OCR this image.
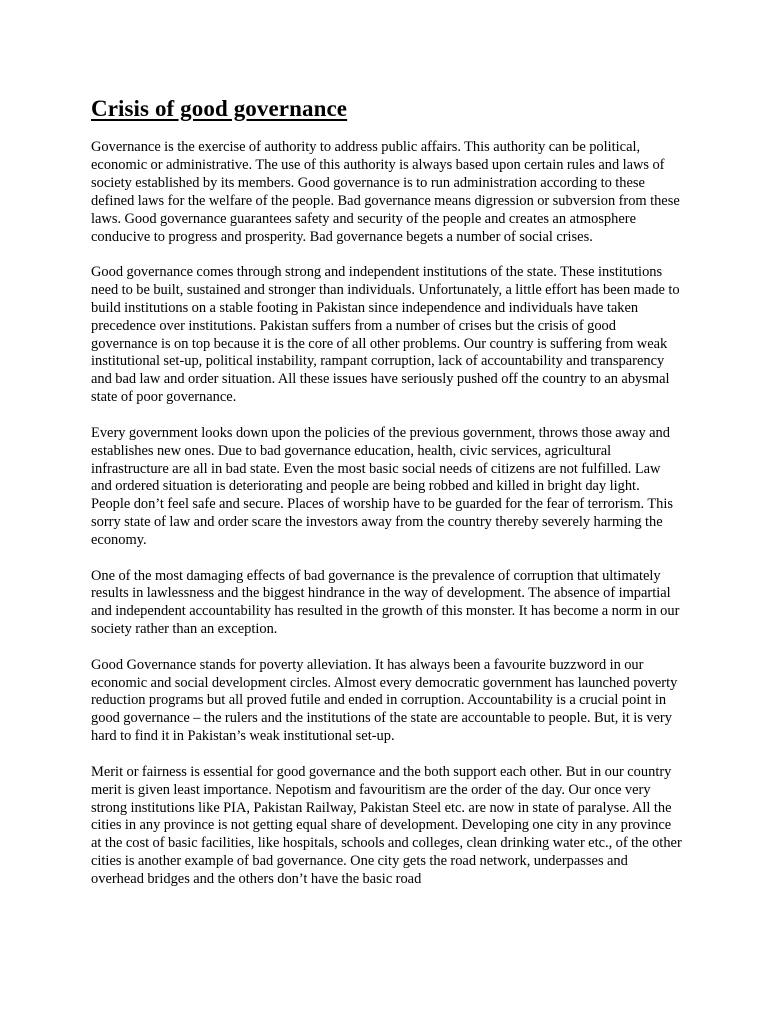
Crisis of good governance

Governance is the exercise of authority to address public affairs. This authority can be political, economic or administrative. The use of this authority is always based upon certain rules and laws of society established by its members. Good governance is to run administration according to these defined laws for the welfare of the people. Bad governance means digression or subversion from these laws. Good governance guarantees safety and security of the people and creates an atmosphere conducive to progress and prosperity. Bad governance begets a number of social crises.

Good governance comes through strong and independent institutions of the state. These institutions need to be built, sustained and stronger than individuals. Unfortunately, a little effort has been made to build institutions on a stable footing in Pakistan since independence and individuals have taken precedence over institutions. Pakistan suffers from a number of crises but the crisis of good governance is on top because it is the core of all other problems. Our country is suffering from weak institutional set-up, political instability, rampant corruption, lack of accountability and transparency and bad law and order situation. All these issues have seriously pushed off the country to an abysmal state of poor governance.

Every government looks down upon the policies of the previous government, throws those away and establishes new ones. Due to bad governance education, health, civic services, agricultural infrastructure are all in bad state. Even the most basic social needs of citizens are not fulfilled. Law and ordered situation is deteriorating and people are being robbed and killed in bright day light. People don’t feel safe and secure. Places of worship have to be guarded for the fear of terrorism. This sorry state of law and order scare the investors away from the country thereby severely harming the economy.

One of the most damaging effects of bad governance is the prevalence of corruption that ultimately results in lawlessness and the biggest hindrance in the way of development. The absence of impartial and independent accountability has resulted in the growth of this monster. It has become a norm in our society rather than an exception.

Good Governance stands for poverty alleviation. It has always been a favourite buzzword in our economic and social development circles. Almost every democratic government has launched poverty reduction programs but all proved futile and ended in corruption. Accountability is a crucial point in good governance – the rulers and the institutions of the state are accountable to people. But, it is very hard to find it in Pakistan’s weak institutional set-up.

Merit or fairness is essential for good governance and the both support each other. But in our country merit is given least importance. Nepotism and favouritism are the order of the day. Our once very strong institutions like PIA, Pakistan Railway, Pakistan Steel etc. are now in state of paralyse. All the cities in any province is not getting equal share of development. Developing one city in any province at the cost of basic facilities, like hospitals, schools and colleges, clean drinking water etc., of the other cities is another example of bad governance. One city gets the road network, underpasses and overhead bridges and the others don’t have the basic road
